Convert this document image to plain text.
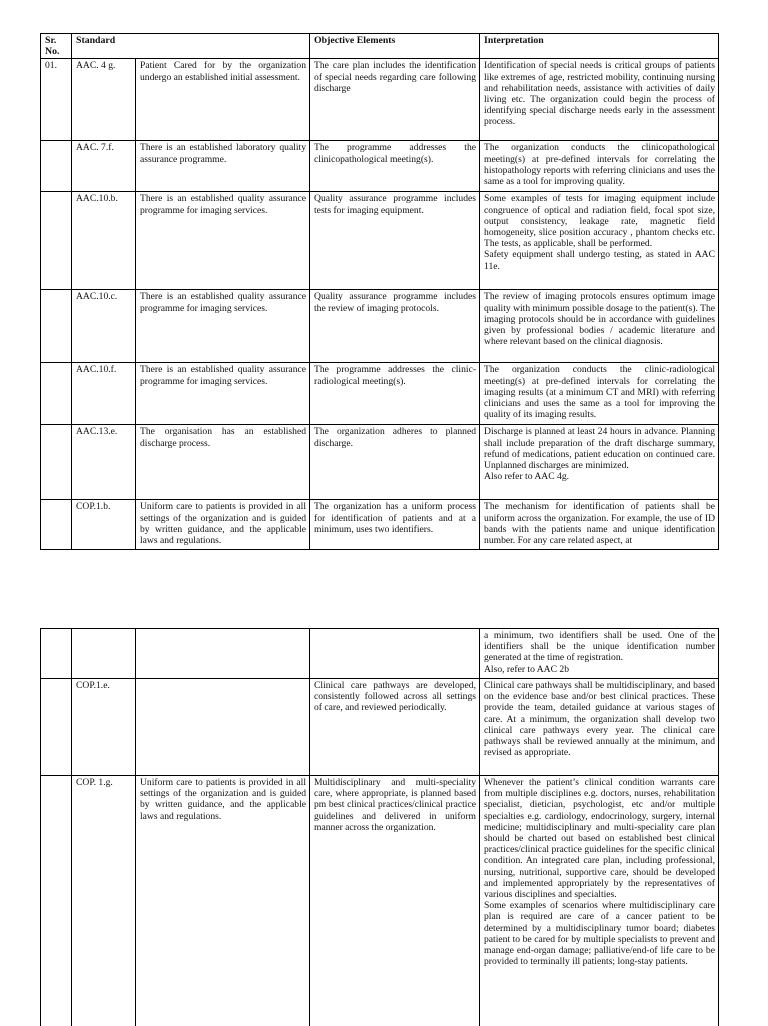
Sr.
No.	Standard		Objective Elements	Interpretation
01.	AAC. 4 g.	Patient Cared for by the organization undergo an established initial assessment.	The care plan includes the identification of special needs regarding care following discharge	Identification of special needs is critical groups of patients like extremes of age, restricted mobility, continuing nursing and rehabilitation needs, assistance with activities of daily living etc. The organization could begin the process of identifying special discharge needs early in the assessment process.
	AAC. 7.f.	There is an established laboratory quality assurance programme.	The programme addresses the clinicopathological meeting(s).	The organization conducts the clinicopathological meeting(s) at pre-defined intervals for correlating the histopathology reports with referring clinicians and uses the same as a tool for improving quality.
	AAC.10.b.	There is an established quality assurance programme for imaging services.	Quality assurance programme includes tests for imaging equipment.	Some examples of tests for imaging equipment include congruence of optical and radiation field, focal spot size, output consistency, leakage rate, magnetic field homogeneity, slice position accuracy , phantom checks etc. The tests, as applicable, shall be performed.
Safety equipment shall undergo testing, as stated in AAC 11e.
	AAC.10.c.	There is an established quality assurance programme for imaging services.	Quality assurance programme includes the review of imaging protocols.	The review of imaging protocols ensures optimum image quality with minimum possible dosage to the patient(s). The imaging protocols should be in accordance with guidelines given by professional bodies / academic literature and where relevant based on the clinical diagnosis.
	AAC.10.f.	There is an established quality assurance programme for imaging services.	The programme addresses the clinic-radiological meeting(s).	The organization conducts the clinic-radiological meeting(s) at pre-defined intervals for correlating the imaging results (at a minimum CT and MRI) with referring clinicians and uses the same as a tool for improving the quality of its imaging results.
	AAC.13.e.	The organisation has an established discharge process.	The organization adheres to planned discharge.	Discharge is planned at least 24 hours in advance. Planning shall include preparation of the draft discharge summary, refund of medications, patient education on continued care. Unplanned discharges are minimized.
Also refer to AAC 4g.
	COP.1.b.	Uniform care to patients is provided in all settings of the organization and is guided by written guidance, and the applicable laws and regulations.	The organization has a uniform process for identification of patients and at a minimum, uses two identifiers.	The mechanism for identification of patients shall be uniform across the organization. For example, the use of ID bands with the patients name and unique identification number. For any care related aspect, at
				a minimum, two identifiers shall be used. One of the identifiers shall be the unique identification number generated at the time of registration.
Also, refer to AAC 2b
	COP.1.e.		Clinical care pathways are developed, consistently followed across all settings of care, and reviewed periodically.	Clinical care pathways shall be multidisciplinary, and based on the evidence base and/or best clinical practices. These provide the team, detailed guidance at various stages of care. At a minimum, the organization shall develop two clinical care pathways every year. The clinical care pathways shall be reviewed annually at the minimum, and revised as appropriate.
	COP. 1.g.	Uniform care to patients is provided in all settings of the organization and is guided by written guidance, and the applicable laws and regulations.	Multidisciplinary and multi-speciality care, where appropriate, is planned based pm best clinical practices/clinical practice guidelines and delivered in uniform manner across the organization.	Whenever the patient’s clinical condition warrants care from multiple disciplines e.g. doctors, nurses, rehabilitation specialist, dietician, psychologist, etc and/or multiple specialties e.g. cardiology, endocrinology, surgery, internal medicine; multidisciplinary and multi-speciality care plan should be charted out based on established best clinical practices/clinical practice guidelines for the specific clinical condition. An integrated care plan, including professional, nursing, nutritional, supportive care, should be developed and implemented appropriately by the representatives of various disciplines and specialties.
Some examples of scenarios where multidisciplinary care plan is required are care of a cancer patient to be determined by a multidisciplinary tumor board; diabetes patient to be cared for by multiple specialists to prevent and manage end-organ damage; palliative/end-of life care to be provided to terminally ill patients; long-stay patients.
